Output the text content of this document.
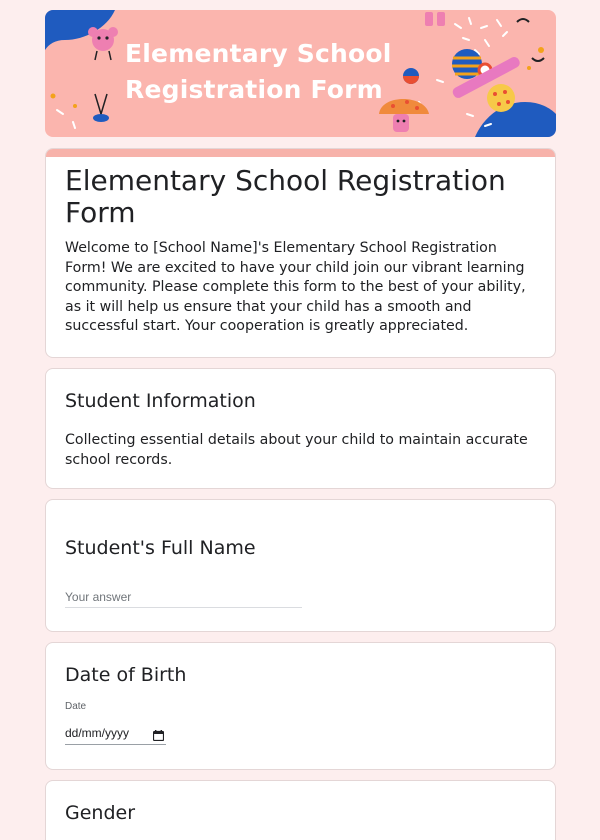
Elementary School Registration Form
Elementary School Registration Form
Welcome to [School Name]'s Elementary School Registration Form! We are excited to have your child join our vibrant learning community. Please complete this form to the best of your ability, as it will help us ensure that your child has a smooth and successful start. Your cooperation is greatly appreciated.
Student Information
Collecting essential details about your child to maintain accurate school records.
Student's Full Name
Your answer
Date of Birth
Date
dd/mm/yyyy
Gender
